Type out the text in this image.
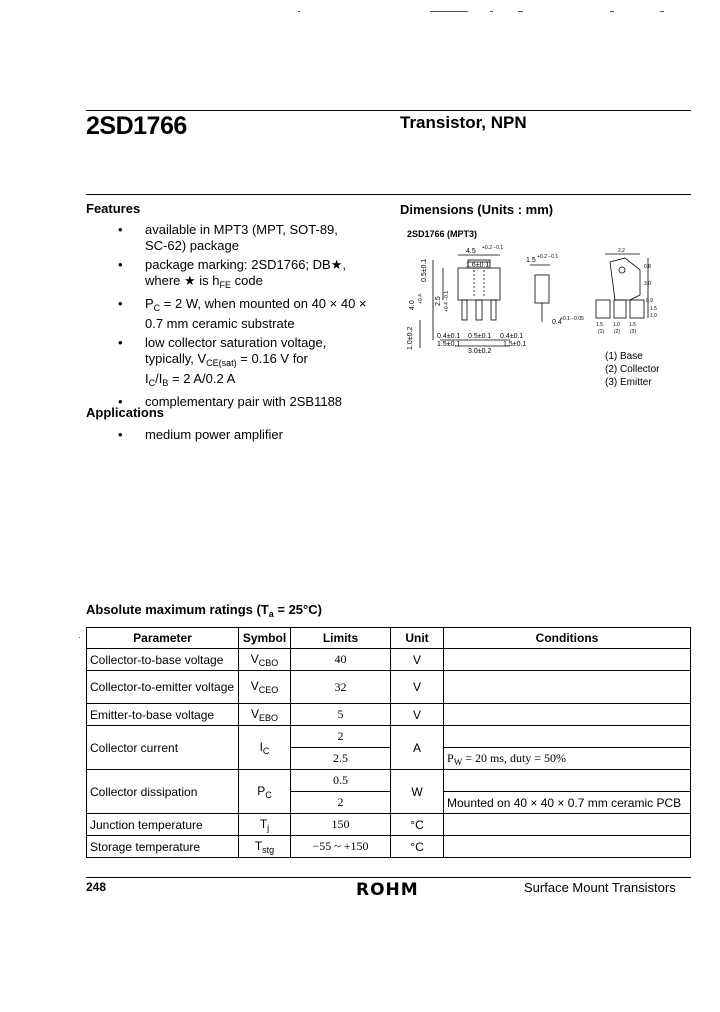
2SD1766	Transistor, NPN
Features
• available in MPT3 (MPT, SOT-89,
SC-62) package
• package marking: 2SD1766; DB★,
where ★ is $h_{FE}$ code
• $P_C = 2$ W, when mounted on 40 × 40 ×
0.7 mm ceramic substrate
• low collector saturation voltage,
typically, $V_{CE(sat)} = 0.16$ V for
$I_C/I_B = 2$ A/0.2 A
• complementary pair with 2SB1188
Applications
• medium power amplifier
Dimensions (Units : mm)
2SD1766 (MPT3)
4.5 +0.2 −0.1
1.6±0.1
1.5 +0.2 −0.1
0.5±0.1
4.0
+0.4 2.5 +0.4 −0.1
1.0±0.2	0.4±0.1 0.5±0.1 0.4±0.1
1.5±0.1	1.5±0.1
3.0±0.2
0.4
+0.1 −0.05
2.2
0.8
3.0
0.9
1.5
1.0
1.5 1.0 1.5
(1) (2) (3)
(1) Base
(2) Collector
(3) Emitter
Absolute maximum ratings $(T_a = 25^\circ C)$
·	Parameter	Symbol	Limits	Unit	Conditions
Collector-to-base voltage	$V_{CBO}$	40	V	
Collector-to-emitter voltage	$V_{CEO}$	32	V	
Emitter-to-base voltage	$V_{EBO}$	5	V	
Collector current	$I_C$	2	A	
		2.5		$P_W = 20$ ms, duty = 50%
Collector dissipation	$P_C$	0.5	W	
		2		Mounted on 40 × 40 × 0.7 mm ceramic PCB
Junction temperature	$T_j$	150	°C	
Storage temperature	$T_{stg}$	−55 ~ +150	°C	
248	ROHM	Surface Mount Transistors
